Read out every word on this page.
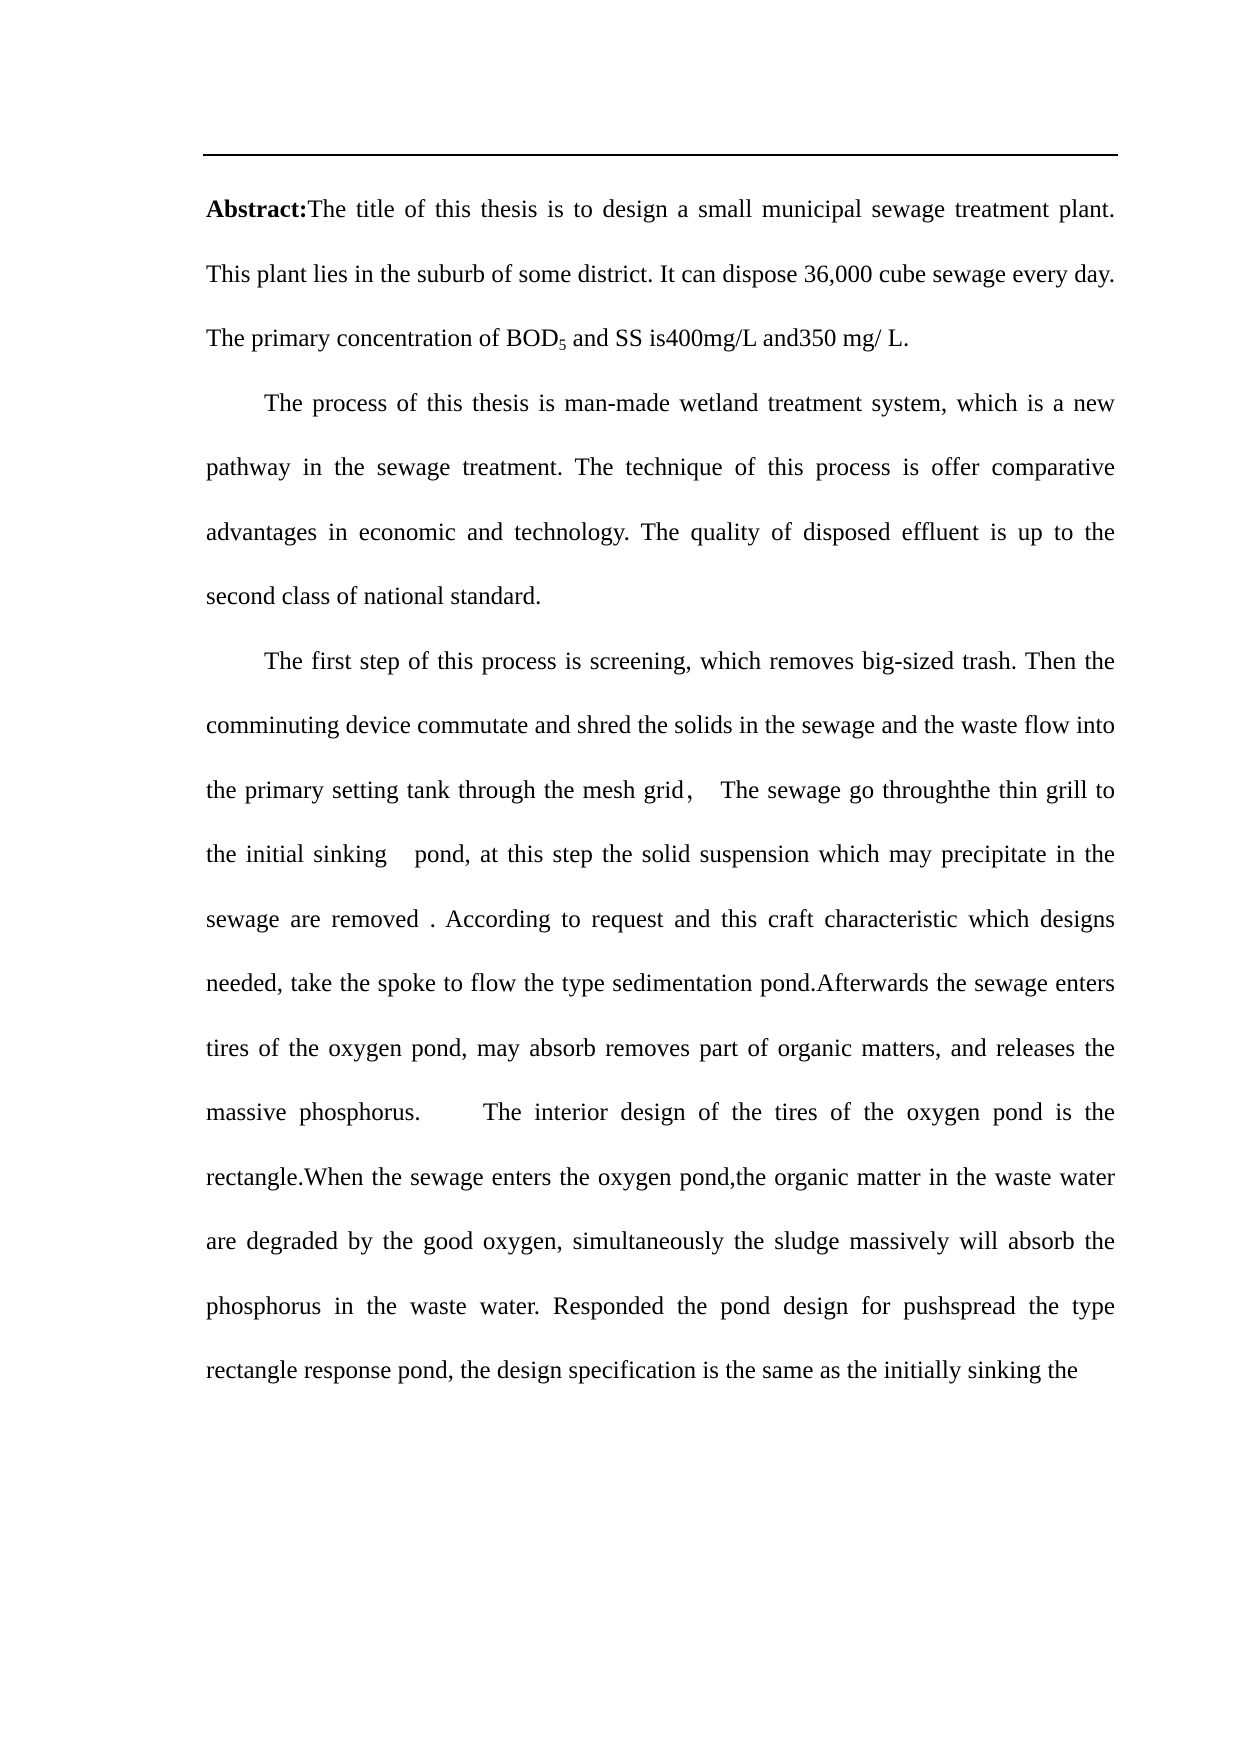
Abstract:The title of this thesis is to design a small municipal sewage treatment plant. This plant lies in the suburb of some district. It can dispose 36,000 cube sewage every day. The primary concentration of $BOD_5$ and SS is400mg/L and350 mg/ L.

The process of this thesis is man-made wetland treatment system, which is a new pathway in the sewage treatment. The technique of this process is offer comparative advantages in economic and technology. The quality of disposed effluent is up to the second class of national standard.

The first step of this process is screening, which removes big-sized trash. Then the comminuting device commutate and shred the solids in the sewage and the waste flow into the primary setting tank through the mesh grid， The sewage go throughthe thin grill to the initial sinking   pond, at this step the solid suspension which may precipitate in the sewage are removed . According to request and this craft characteristic which designs needed, take the spoke to flow the type sedimentation pond.Afterwards the sewage enters tires of the oxygen pond, may absorb removes part of organic matters, and releases the massive phosphorus.     The interior design of the tires of the oxygen pond is the rectangle.When the sewage enters the oxygen pond,the organic matter in the waste water are degraded by the good oxygen, simultaneously the sludge massively will absorb the phosphorus in the waste water. Responded the pond design for pushspread the type rectangle response pond, the design specification is the same as the initially sinking the
